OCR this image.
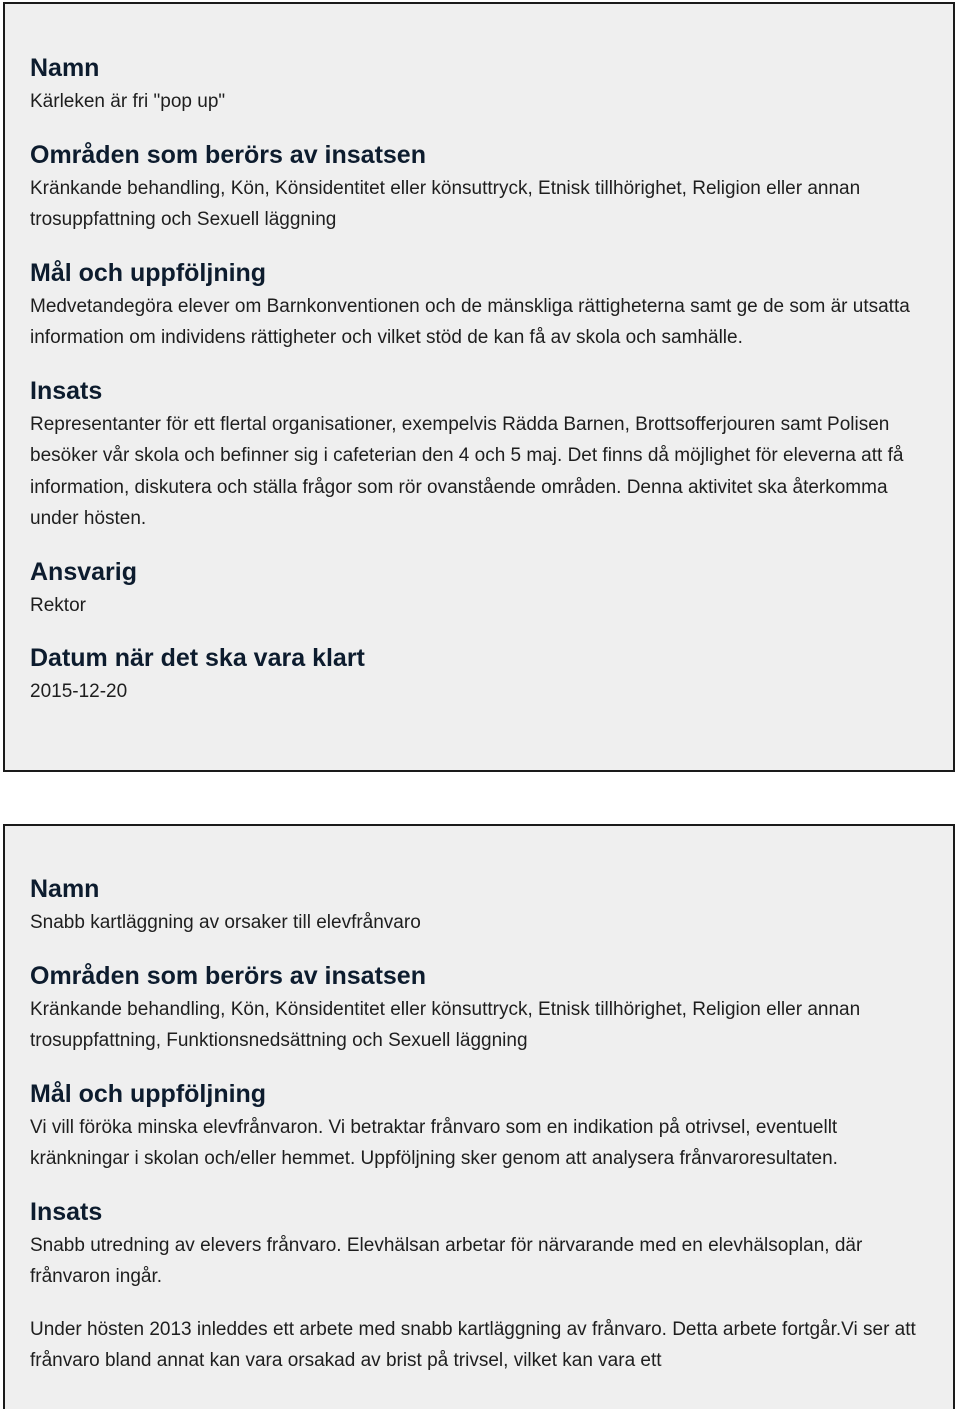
Namn

Kärleken är fri "pop up"

Områden som berörs av insatsen

Kränkande behandling, Kön, Könsidentitet eller könsuttryck, Etnisk tillhörighet, Religion eller annan trosuppfattning och Sexuell läggning

Mål och uppföljning

Medvetandegöra elever om Barnkonventionen och de mänskliga rättigheterna samt ge de som är utsatta information om individens rättigheter och vilket stöd de kan få av skola och samhälle.

Insats

Representanter för ett flertal organisationer, exempelvis Rädda Barnen, Brottsofferjouren samt Polisen besöker vår skola och befinner sig i cafeterian den 4 och 5 maj. Det finns då möjlighet för eleverna att få information, diskutera och ställa frågor som rör ovanstående områden. Denna aktivitet ska återkomma under hösten.

Ansvarig

Rektor

Datum när det ska vara klart

2015-12-20

Namn

Snabb kartläggning av orsaker till elevfrånvaro

Områden som berörs av insatsen

Kränkande behandling, Kön, Könsidentitet eller könsuttryck, Etnisk tillhörighet, Religion eller annan trosuppfattning, Funktionsnedsättning och Sexuell läggning

Mål och uppföljning

Vi vill föröka minska elevfrånvaron. Vi betraktar frånvaro som en indikation på otrivsel, eventuellt kränkningar i skolan och/eller hemmet. Uppföljning sker genom att analysera frånvaroresultaten.

Insats

Snabb utredning av elevers frånvaro. Elevhälsan arbetar för närvarande med en elevhälsoplan, där frånvaron ingår.

Under hösten 2013 inleddes ett arbete med snabb kartläggning av frånvaro. Detta arbete fortgår.Vi ser att frånvaro bland annat kan vara orsakad av brist på trivsel, vilket kan vara ett
